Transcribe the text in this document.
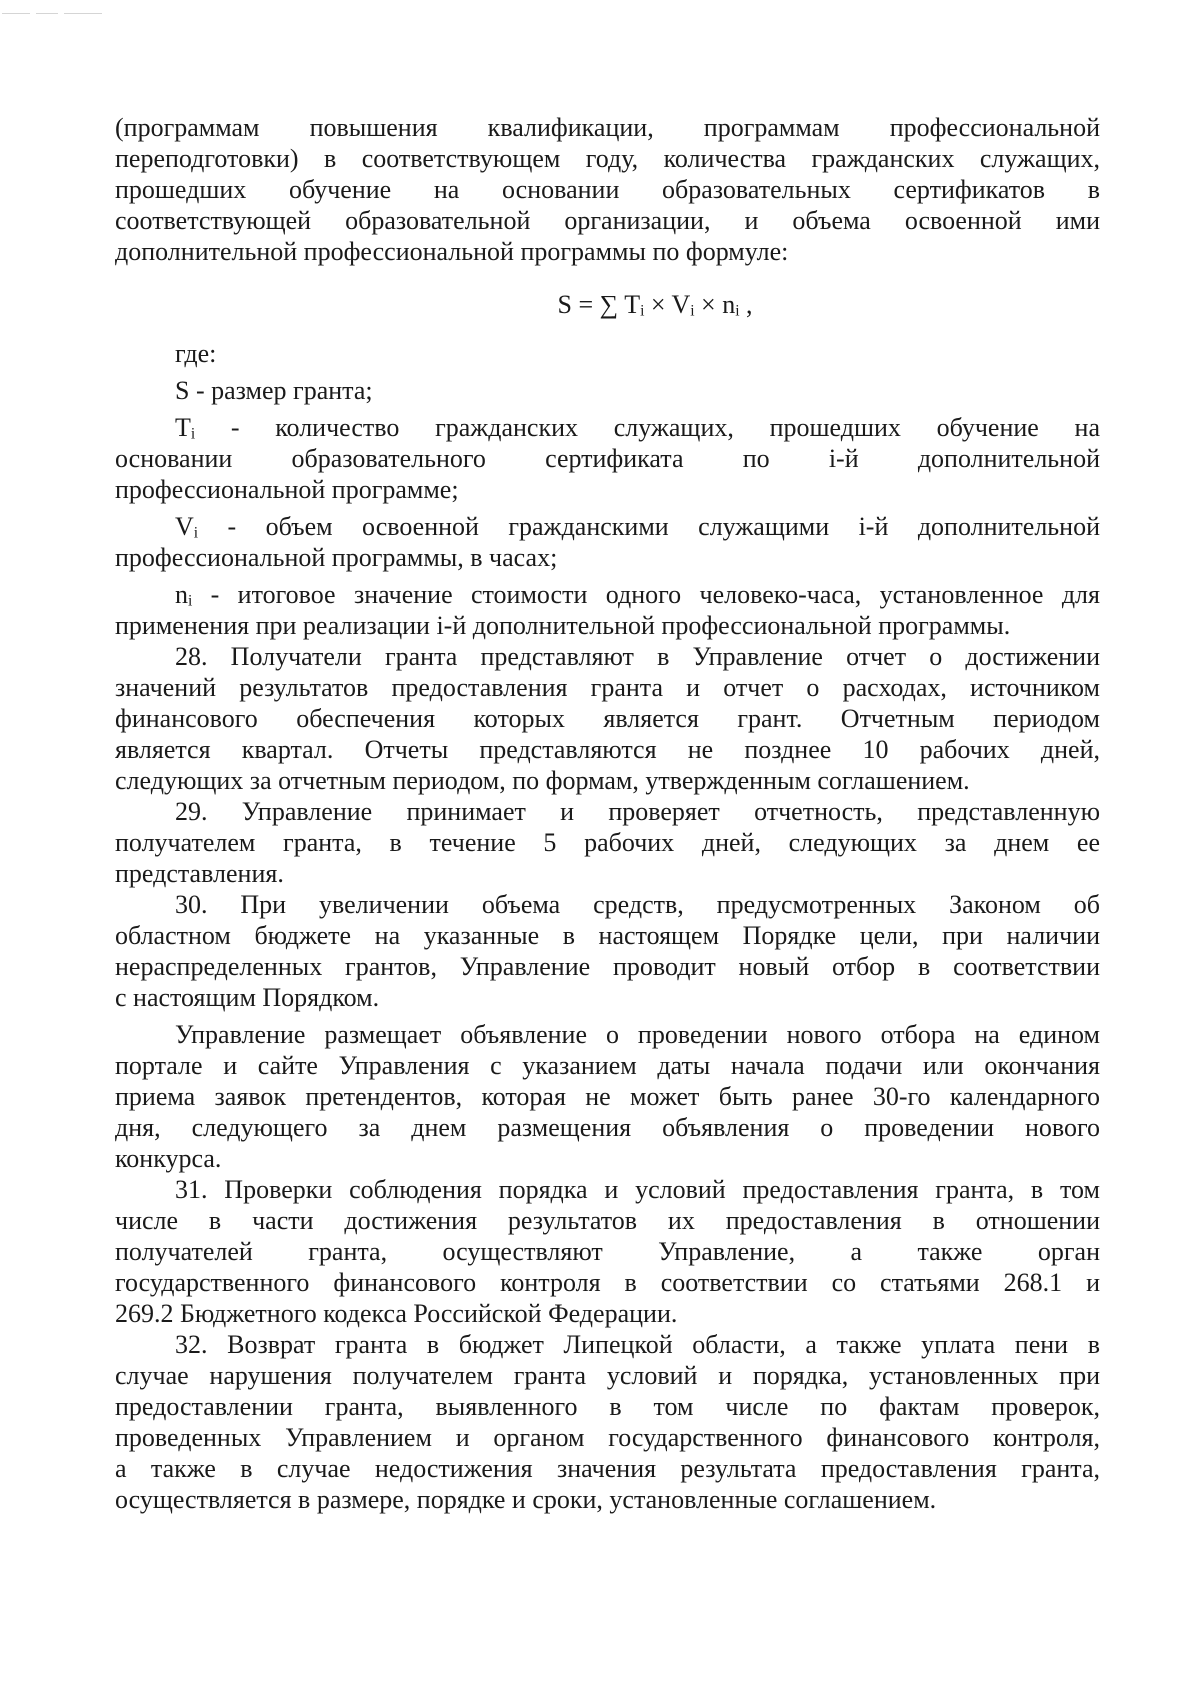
(программам повышения квалификации, программам профессиональной

переподготовки) в соответствующем году, количества гражданских служащих,

прошедших обучение на основании образовательных сертификатов в

соответствующей образовательной организации, и объема освоенной ими

дополнительной профессиональной программы по формуле:

S = ∑ Tᵢ × Vᵢ × nᵢ ,

где:

S - размер гранта;

Tᵢ - количество гражданских служащих, прошедших обучение на

основании образовательного сертификата по i-й дополнительной

профессиональной программе;

Vᵢ - объем освоенной гражданскими служащими i-й дополнительной

профессиональной программы, в часах;

nᵢ - итоговое значение стоимости одного человеко-часа, установленное для

применения при реализации i-й дополнительной профессиональной программы.

28. Получатели гранта представляют в Управление отчет о достижении

значений результатов предоставления гранта и отчет о расходах, источником

финансового обеспечения которых является грант. Отчетным периодом

является квартал. Отчеты представляются не позднее 10 рабочих дней,

следующих за отчетным периодом, по формам, утвержденным соглашением.

29. Управление принимает и проверяет отчетность, представленную

получателем гранта, в течение 5 рабочих дней, следующих за днем ее

представления.

30. При увеличении объема средств, предусмотренных Законом об

областном бюджете на указанные в настоящем Порядке цели, при наличии

нераспределенных грантов, Управление проводит новый отбор в соответствии

с настоящим Порядком.

Управление размещает объявление о проведении нового отбора на едином

портале и сайте Управления с указанием даты начала подачи или окончания

приема заявок претендентов, которая не может быть ранее 30-го календарного

дня, следующего за днем размещения объявления о проведении нового

конкурса.

31. Проверки соблюдения порядка и условий предоставления гранта, в том

числе в части достижения результатов их предоставления в отношении

получателей гранта, осуществляют Управление, а также орган

государственного финансового контроля в соответствии со статьями 268.1 и

269.2 Бюджетного кодекса Российской Федерации.

32. Возврат гранта в бюджет Липецкой области, а также уплата пени в

случае нарушения получателем гранта условий и порядка, установленных при

предоставлении гранта, выявленного в том числе по фактам проверок,

проведенных Управлением и органом государственного финансового контроля,

а также в случае недостижения значения результата предоставления гранта,

осуществляется в размере, порядке и сроки, установленные соглашением.
